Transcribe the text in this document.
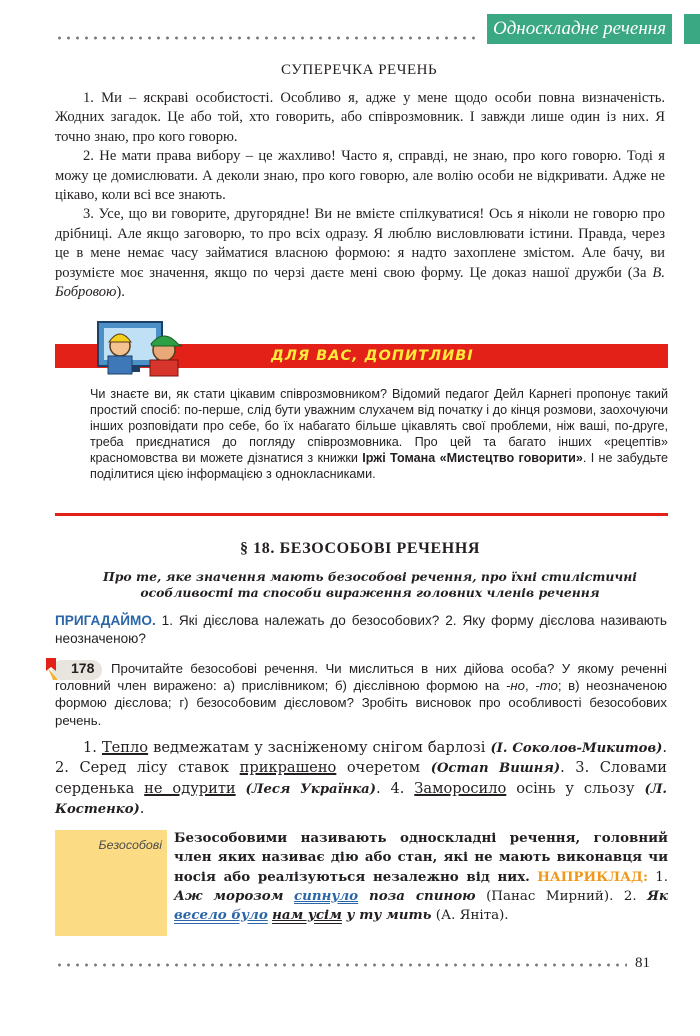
Односкладне речення
СУПЕРЕЧКА РЕЧЕНЬ

1. Ми – яскраві особистості. Особливо я, адже у мене щодо особи повна визначеність. Жодних загадок. Це або той, хто говорить, або співрозмовник. І завжди лише один із них. Я точно знаю, про кого говорю.

2. Не мати права вибору – це жахливо! Часто я, справді, не знаю, про кого говорю. Тоді я можу це домислювати. А деколи знаю, про кого говорю, але волію особи не відкривати. Адже не цікаво, коли всі все знають.

3. Усе, що ви говорите, другорядне! Ви не вмієте спілкуватися! Ось я ніколи не говорю про дрібниці. Але якщо заговорю, то про всіх одразу. Я люблю висловлювати істини. Правда, через це в мене немає часу займатися власною формою: я надто захоплене змістом. Але бачу, ви розумієте моє значення, якщо по черзі даєте мені свою форму. Це доказ нашої дружби (За В. Бобровою).

ДЛЯ ВАС, ДОПИТЛИВІ

Чи знаєте ви, як стати цікавим співрозмовником? Відомий педагог Дейл Карнегі пропонує такий простий спосіб: по-перше, слід бути уважним слухачем від початку і до кінця розмови, заохочуючи інших розповідати про себе, бо їх набагато більше цікавлять свої проблеми, ніж ваші, по-друге, треба приєднатися до погляду співрозмовника. Про цей та багато інших «рецептів» красномовства ви можете дізнатися з книжки Іржі Томана «Мистецтво говорити». І не забудьте поділитися цією інформацією з однокласниками.

§ 18. БЕЗОСОБОВІ РЕЧЕННЯ
Про те, яке значення мають безособові речення, про їхні стилістичні особливості та способи вираження головних членів речення
ПРИГАДАЙМО. 1. Які дієслова належать до безособових? 2. Яку форму дієслова називають неозначеною?
178 Прочитайте безособові речення. Чи мислиться в них дійова особа? У якому реченні головний член виражено: а) прислівником; б) дієслівною формою на -но, -то; в) неозначеною формою дієслова; г) безособовим дієсловом? Зробіть висновок про особливості безособових речень.

1. Тепло ведмежатам у засніженому снігом барлозі (І. Соколов-Микитов). 2. Серед лісу ставок прикрашено очеретом (Остап Вишня). 3. Словами серденька не одурити (Леся Українка). 4. Заморосило осінь у сльозу (Л. Костенко).

Безособові Безособовими називають односкладні речення, головний член яких називає дію або стан, які не мають виконавця чи носія або реалізуються незалежно від них. НАПРИКЛАД: 1. Аж морозом сипнуло поза спиною (Панас Мирний). 2. Як весело було нам усім у ту мить (А. Яніта).
81
